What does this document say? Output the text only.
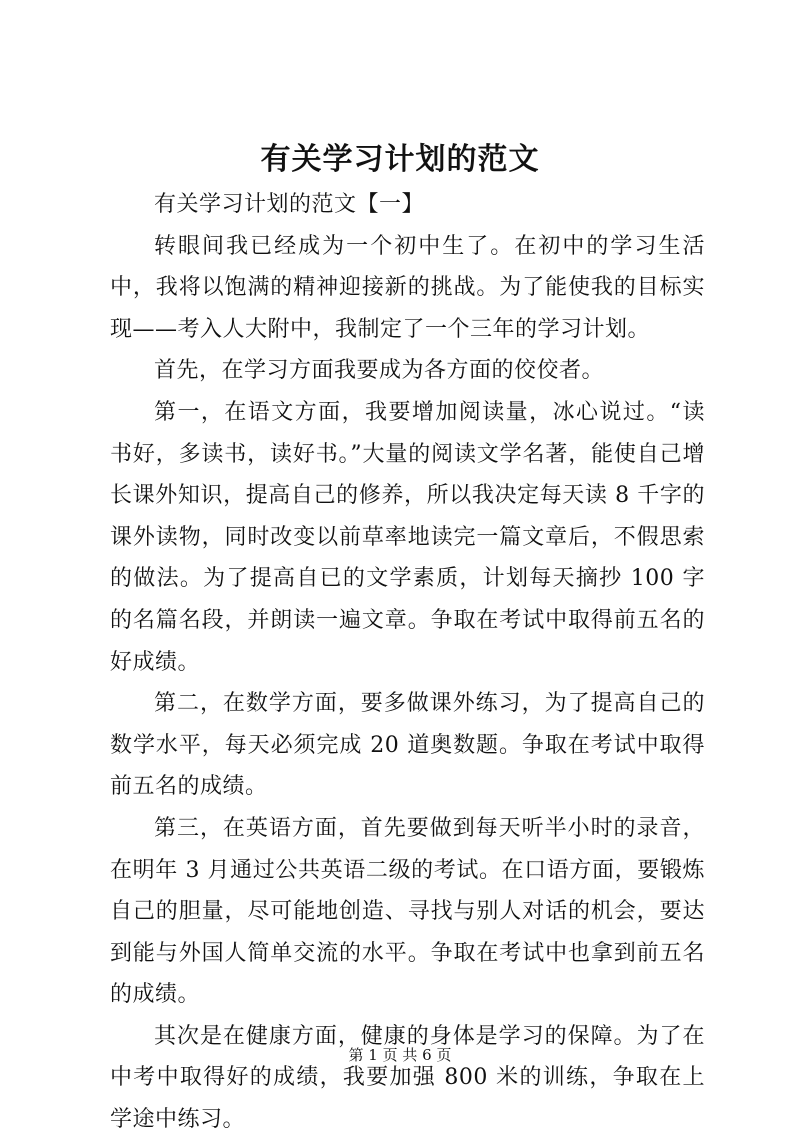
有关学习计划的范文

有关学习计划的范文【一】

转眼间我已经成为一个初中生了。在初中的学习生活中，我将以饱满的精神迎接新的挑战。为了能使我的目标实现——考入人大附中，我制定了一个三年的学习计划。

首先，在学习方面我要成为各方面的佼佼者。

第一，在语文方面，我要增加阅读量，冰心说过。“读书好，多读书，读好书。”大量的阅读文学名著，能使自己增长课外知识，提高自己的修养，所以我决定每天读 8 千字的课外读物，同时改变以前草率地读完一篇文章后，不假思索的做法。为了提高自已的文学素质，计划每天摘抄 100 字的名篇名段，并朗读一遍文章。争取在考试中取得前五名的好成绩。

第二，在数学方面，要多做课外练习，为了提高自己的数学水平，每天必须完成 20 道奥数题。争取在考试中取得前五名的成绩。

第三，在英语方面，首先要做到每天听半小时的录音，在明年 3 月通过公共英语二级的考试。在口语方面，要锻炼自己的胆量，尽可能地创造、寻找与别人对话的机会，要达到能与外国人简单交流的水平。争取在考试中也拿到前五名的成绩。

其次是在健康方面，健康的身体是学习的保障。为了在中考中取得好的成绩，我要加强 800 米的训练，争取在上学途中练习。

第 1 页 共 6 页
